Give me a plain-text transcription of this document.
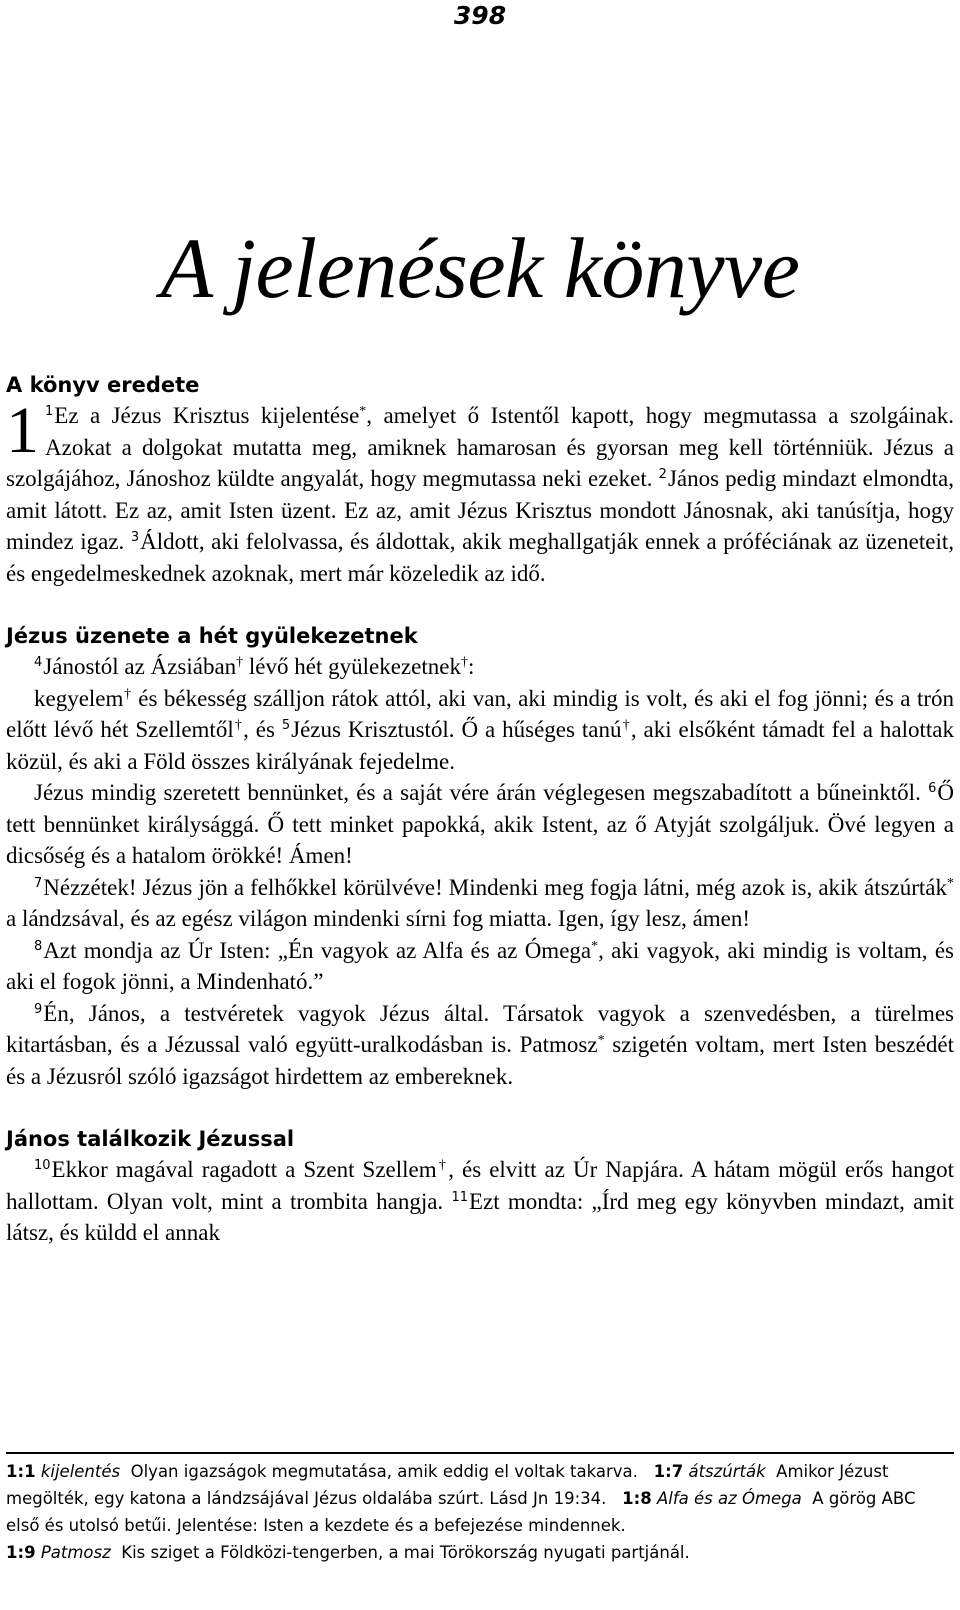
398
A jelenések könyve
A könyv eredete

1 $^1$Ez a Jézus Krisztus kijelentése*, amelyet ő Istentől kapott, hogy megmutassa a szolgáinak. Azokat a dolgokat mutatta meg, amiknek hamarosan és gyorsan meg kell történniük. Jézus a szolgájához, Jánoshoz küldte angyalát, hogy megmutassa neki ezeket. $^2$János pedig mindazt elmondta, amit látott. Ez az, amit Isten üzent. Ez az, amit Jézus Krisztus mondott Jánosnak, aki tanúsítja, hogy mindez igaz. $^3$Áldott, aki felolvassa, és áldottak, akik meghallgatják ennek a próféciának az üzeneteit, és engedelmeskednek azoknak, mert már közeledik az idő.

Jézus üzenete a hét gyülekezetnek

$^4$Jánostól az Ázsiában† lévő hét gyülekezetnek†:

kegyelem† és békesség szálljon rátok attól, aki van, aki mindig is volt, és aki el fog jönni; és a trón előtt lévő hét Szellemtől†, és $^5$Jézus Krisztustól. Ő a hűséges tanú†, aki elsőként támadt fel a halottak közül, és aki a Föld összes királyának fejedelme.

Jézus mindig szeretett bennünket, és a saját vére árán véglegesen megszabadított a bűneinktől. $^6$Ő tett bennünket királysággá. Ő tett minket papokká, akik Istent, az ő Atyját szolgáljuk. Övé legyen a dicsőség és a hatalom örökké! Ámen!

$^7$Nézzétek! Jézus jön a felhőkkel körülvéve! Mindenki meg fogja látni, még azok is, akik átszúrták* a lándzsával, és az egész világon mindenki sírni fog miatta. Igen, így lesz, ámen!

$^8$Azt mondja az Úr Isten: „Én vagyok az Alfa és az Ómega*, aki vagyok, aki mindig is voltam, és aki el fogok jönni, a Mindenható.”

$^9$Én, János, a testvéretek vagyok Jézus által. Társatok vagyok a szenvedésben, a türelmes kitartásban, és a Jézussal való együtt-uralkodásban is. Patmosz* szigetén voltam, mert Isten beszédét és a Jézusról szóló igazságot hirdettem az embereknek.

János találkozik Jézussal

$^{10}$Ekkor magával ragadott a Szent Szellem†, és elvitt az Úr Napjára. A hátam mögül erős hangot hallottam. Olyan volt, mint a trombita hangja. $^{11}$Ezt mondta: „Írd meg egy könyvben mindazt, amit látsz, és küldd el annak

1:1 kijelentés Olyan igazságok megmutatása, amik eddig el voltak takarva. 1:7 átszúrták Amikor Jézust megölték, egy katona a lándzsájával Jézus oldalába szúrt. Lásd Jn 19:34. 1:8 Alfa és az Ómega A görög ABC első és utolsó betűi. Jelentése: Isten a kezdete és a befejezése mindennek.
1:9 Patmosz Kis sziget a Földközi-tengerben, a mai Törökország nyugati partjánál.
